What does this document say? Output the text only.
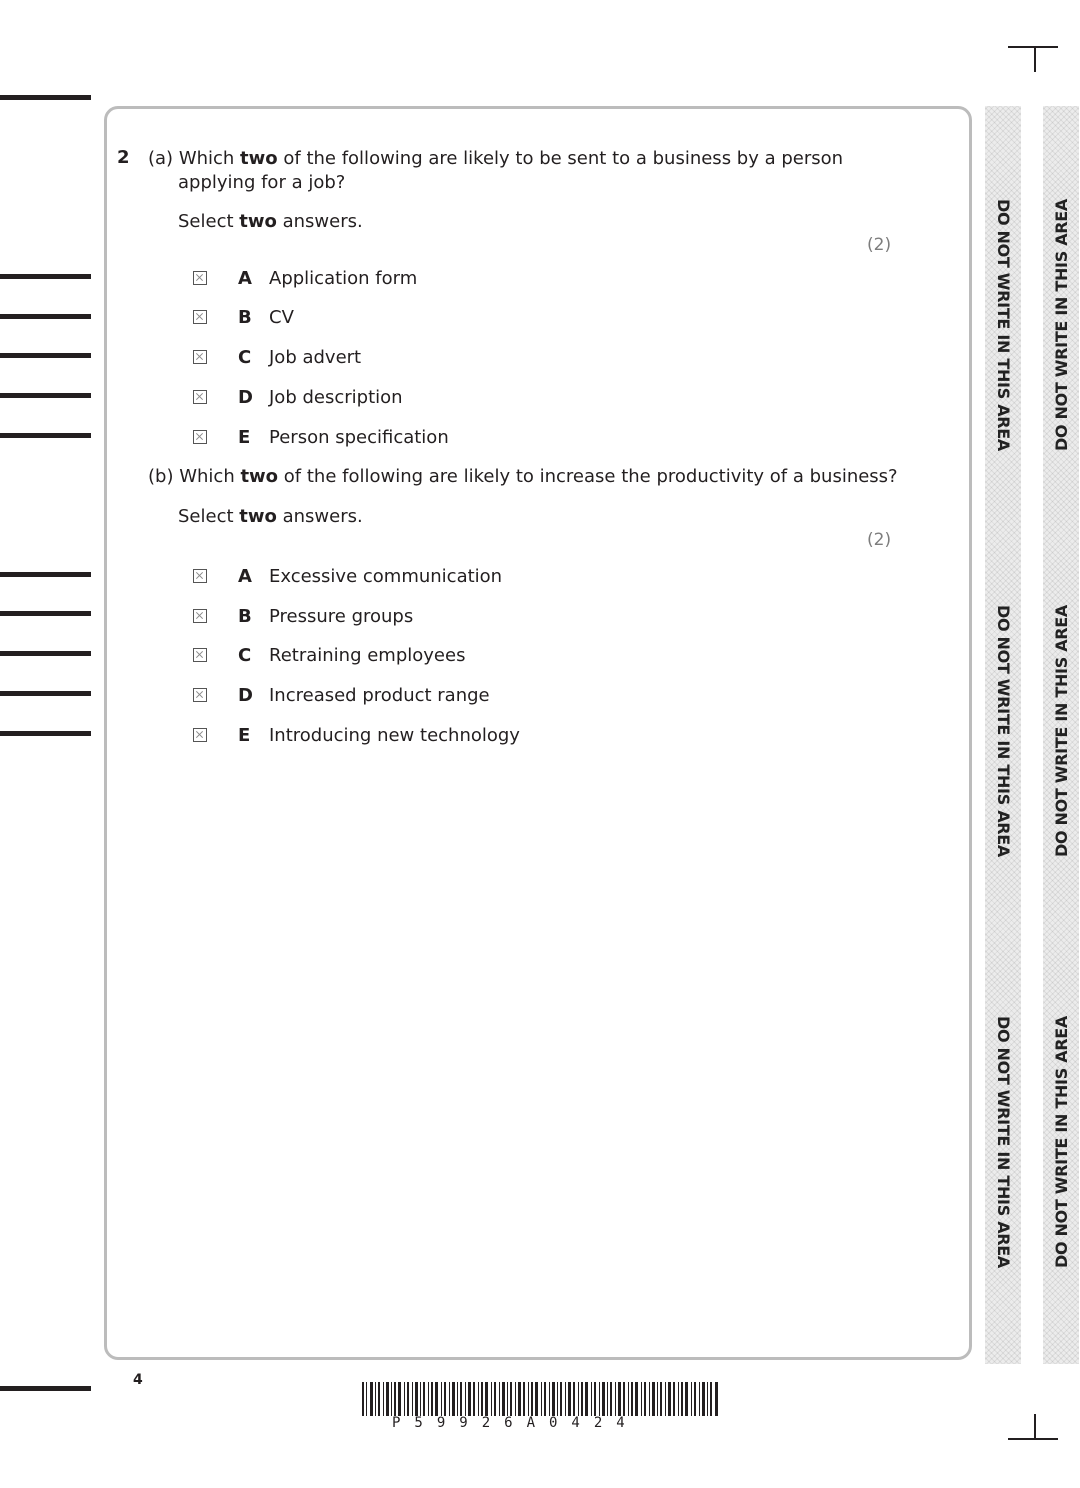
2 (a) Which two of the following are likely to be sent to a business by a person
applying for a job?
Select two answers.
(2)
A Application form
B CV
C Job advert
D Job description
E Person specification
(b) Which two of the following are likely to increase the productivity of a business?
Select two answers.
(2)
A Excessive communication
B Pressure groups
C Retraining employees
D Increased product range
E Introducing new technology
DO NOT WRITE IN THIS AREA
DO NOT WRITE IN THIS AREA
DO NOT WRITE IN THIS AREA
DO NOT WRITE IN THIS AREA
DO NOT WRITE IN THIS AREA
DO NOT WRITE IN THIS AREA
4
P59926A0424
